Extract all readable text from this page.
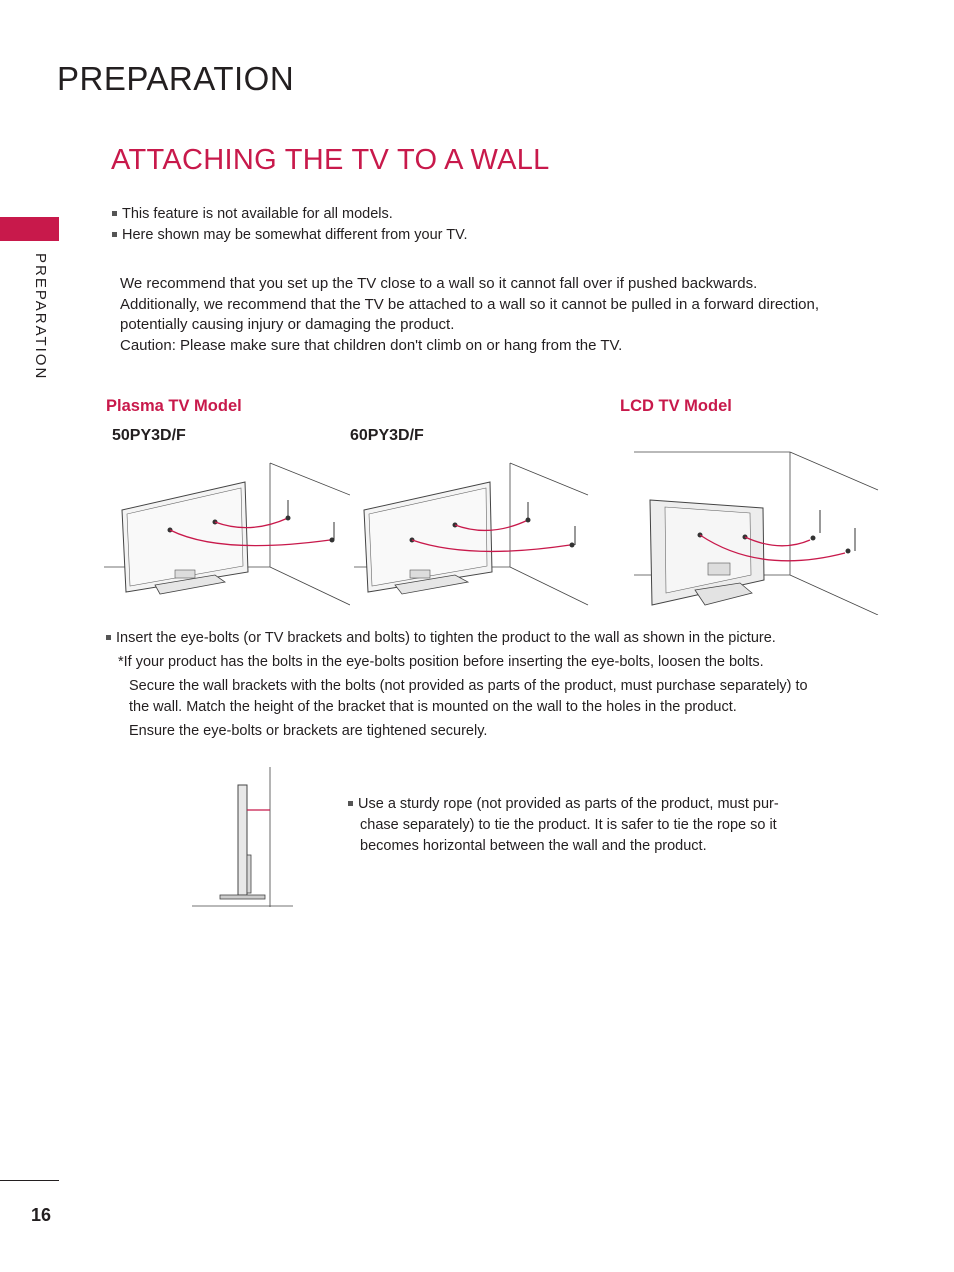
PREPARATION
ATTACHING THE TV TO A WALL
PREPARATION
This feature is not available for all models.
Here shown may be somewhat different from your TV.
We recommend that you set up the TV close to a wall so it cannot fall over if pushed backwards.
Additionally, we recommend that the TV be attached to a wall so it cannot be pulled in a forward direction,
potentially causing injury or damaging the product.
Caution: Please make sure that children don't climb on or hang from the TV.
Plasma TV Model	LCD TV Model
50PY3D/F	60PY3D/F
Insert the eye-bolts (or TV brackets and bolts) to tighten the product to the wall as shown in the picture.
*If your product has the bolts in the eye-bolts position before inserting the eye-bolts, loosen the bolts.
Secure the wall brackets with the bolts (not provided as parts of the product, must purchase separately) to
the wall. Match the height of the bracket that is mounted on the wall to the holes in the product.
Ensure the eye-bolts or brackets are tightened securely.
Use a sturdy rope (not provided as parts of the product, must pur-
chase separately) to tie the product. It is safer to tie the rope so it
becomes horizontal between the wall and the product.
16
